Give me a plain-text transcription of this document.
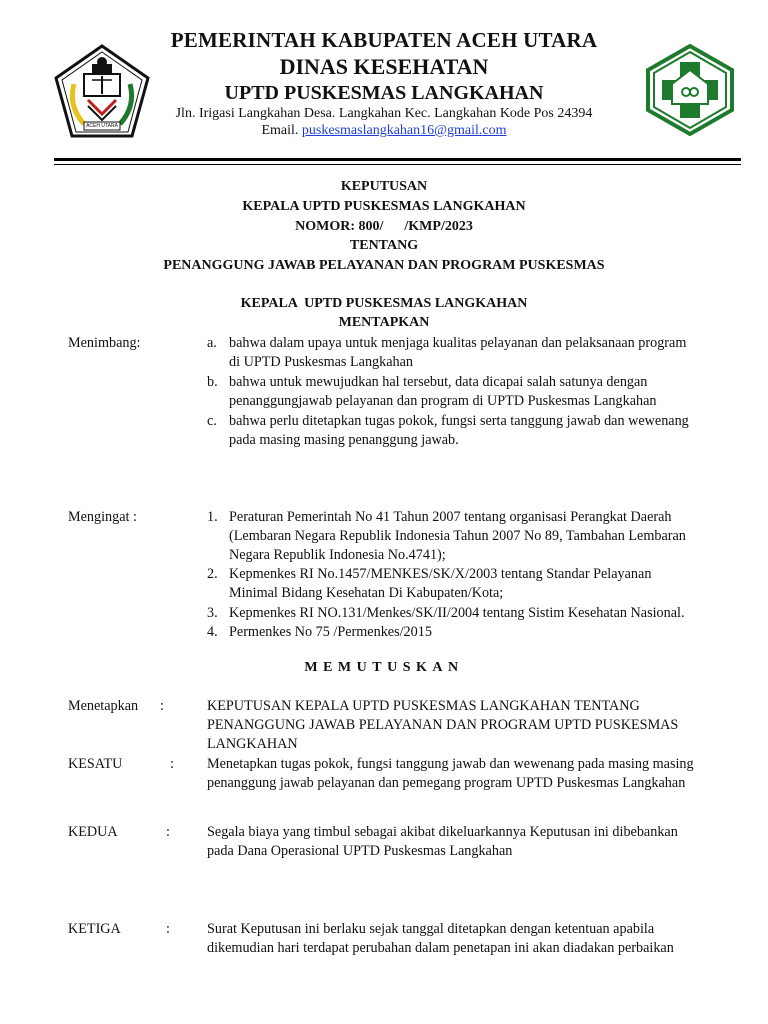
ACEH UTARA
PEMERINTAH KABUPATEN ACEH UTARA
DINAS KESEHATAN
UPTD PUSKESMAS LANGKAHAN
Jln. Irigasi Langkahan Desa. Langkahan Kec. Langkahan Kode Pos 24394
Email. puskesmaslangkahan16@gmail.com
KEPUTUSAN
KEPALA UPTD PUSKESMAS LANGKAHAN
NOMOR: 800/      /KMP/2023
TENTANG
PENANGGUNG JAWAB PELAYANAN DAN PROGRAM PUSKESMAS
KEPALA  UPTD PUSKESMAS LANGKAHAN
MENTAPKAN
Menimbang:	a. bahwa dalam upaya untuk menjaga kualitas pelayanan dan pelaksanaan program
di UPTD Puskesmas Langkahan
b. bahwa untuk mewujudkan hal tersebut, data dicapai salah satunya dengan
penanggungjawab pelayanan dan program di UPTD Puskesmas Langkahan
c. bahwa perlu ditetapkan tugas pokok, fungsi serta tanggung jawab dan wewenang
pada masing masing penanggung jawab.
Mengingat :	1. Peraturan Pemerintah No 41 Tahun 2007 tentang organisasi Perangkat Daerah
(Lembaran Negara Republik Indonesia Tahun 2007 No 89, Tambahan Lembaran
Negara Republik Indonesia No.4741);
2. Kepmenkes RI No.1457/MENKES/SK/X/2003 tentang Standar Pelayanan
Minimal Bidang Kesehatan Di Kabupaten/Kota;
3. Kepmenkes RI NO.131/Menkes/SK/II/2004 tentang Sistim Kesehatan Nasional.
4. Permenkes No 75 /Permenkes/2015
MEMUTUSKAN
Menetapkan :	KEPUTUSAN KEPALA UPTD PUSKESMAS LANGKAHAN TENTANG
PENANGGUNG JAWAB PELAYANAN DAN PROGRAM UPTD PUSKESMAS
LANGKAHAN
KESATU	: Menetapkan tugas pokok, fungsi tanggung jawab dan wewenang pada masing masing
penanggung jawab pelayanan dan pemegang program UPTD Puskesmas Langkahan
KEDUA	:	Segala biaya yang timbul sebagai akibat dikeluarkannya Keputusan ini dibebankan
pada Dana Operasional UPTD Puskesmas Langkahan
KETIGA	:	Surat Keputusan ini berlaku sejak tanggal ditetapkan dengan ketentuan apabila
dikemudian hari terdapat perubahan dalam penetapan ini akan diadakan perbaikan
